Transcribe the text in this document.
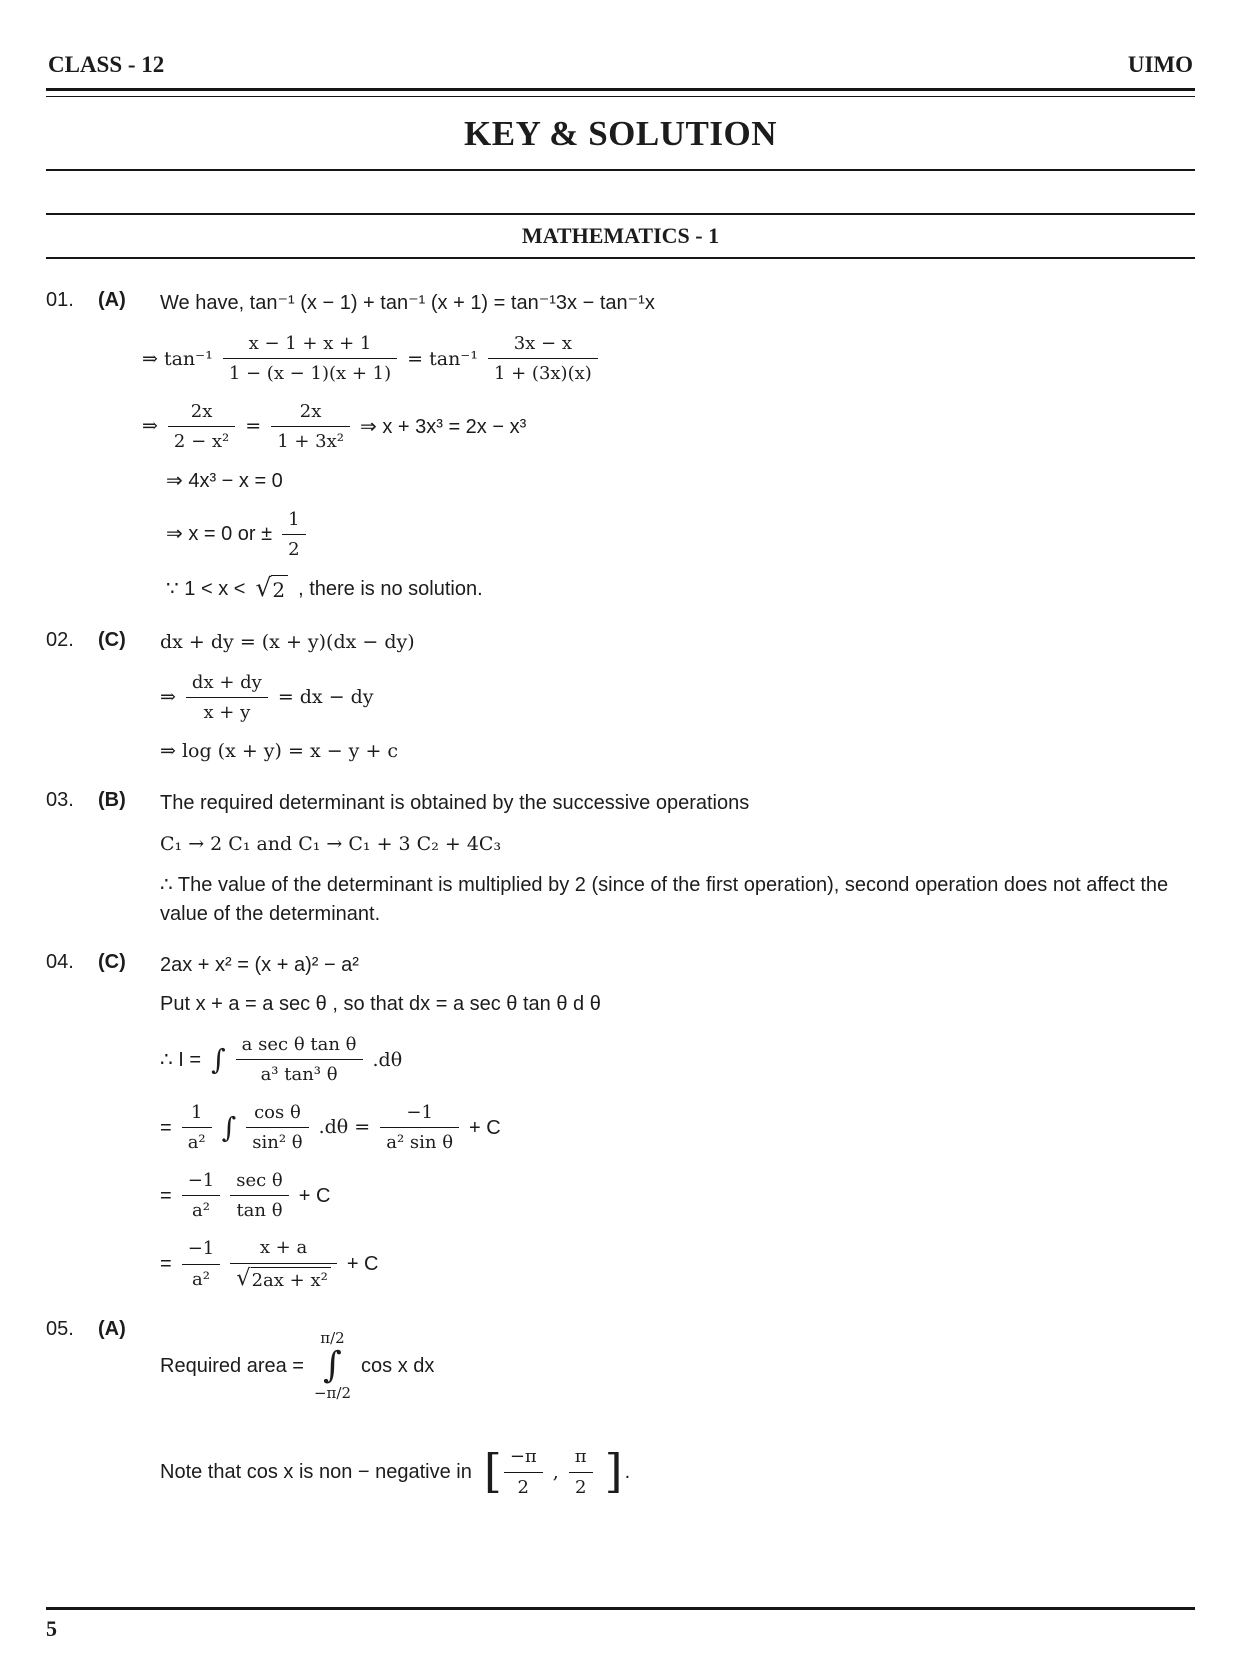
CLASS - 12	UIMO
KEY & SOLUTION
MATHEMATICS - 1
01.	(A)	We have, tan⁻¹ (x − 1) + tan⁻¹ (x + 1) = tan⁻¹3x − tan⁻¹x
⇒ $\tan^{-1} \frac{x - 1 + x + 1}{1 - (x - 1)(x + 1)} = \tan^{-1} \frac{3x - x}{1 + (3x)(x)}$
⇒ $\frac{2x}{\text{2 − x²}} = \frac{2x}{\text{1 + 3x²}}$ ⇒ x + 3x³ = 2x − x³
⇒ 4x³ − x = 0
⇒ x = 0 or ± $\frac{1}{2}$
∵ 1 < x < √ 2 , there is no solution.
02.	(C)	dx + dy = (x + y)(dx − dy)
⇒ $\frac{dx + dy}{x + y}$ = dx − dy
⇒ log (x + y) = x − y + c
03.	(B)	The required determinant is obtained by the successive operations
C₁ → 2 C₁ and C₁ → C₁ + 3 C₂ + 4C₃
∴ The value of the determinant is multiplied by 2 (since of the first operation), second operation does not affect the value of the determinant.
04.	(C)	2ax + x² = (x + a)² − a²
Put x + a = a sec θ , so that dx = a sec θ tan θ d θ
∴ I = ∫ $\frac{\text{a sec θ tan θ}}{\text{a³ tan³ θ}} .d\theta$
= $\frac{1}{\text{a²}}$ ∫ $\frac{\text{cos θ}}{\text{sin² θ}} .d\theta = \frac{-1}{\text{a² sin θ}} + C$
= $\frac{-1}{\text{a²}} \frac{\text{sec θ}}{\text{tan θ}} + C$
= $\frac{-1}{\text{a²}} \frac{x + a}{\text{√ 2ax + x²}} + C$
05.	(A)
Required area =
π/2
∫
−π/2
cos x dx
Note that cos x is non − negative in [ $\frac{-\pi}{2}$ , $\frac{\pi}{2}$ ] .
5
